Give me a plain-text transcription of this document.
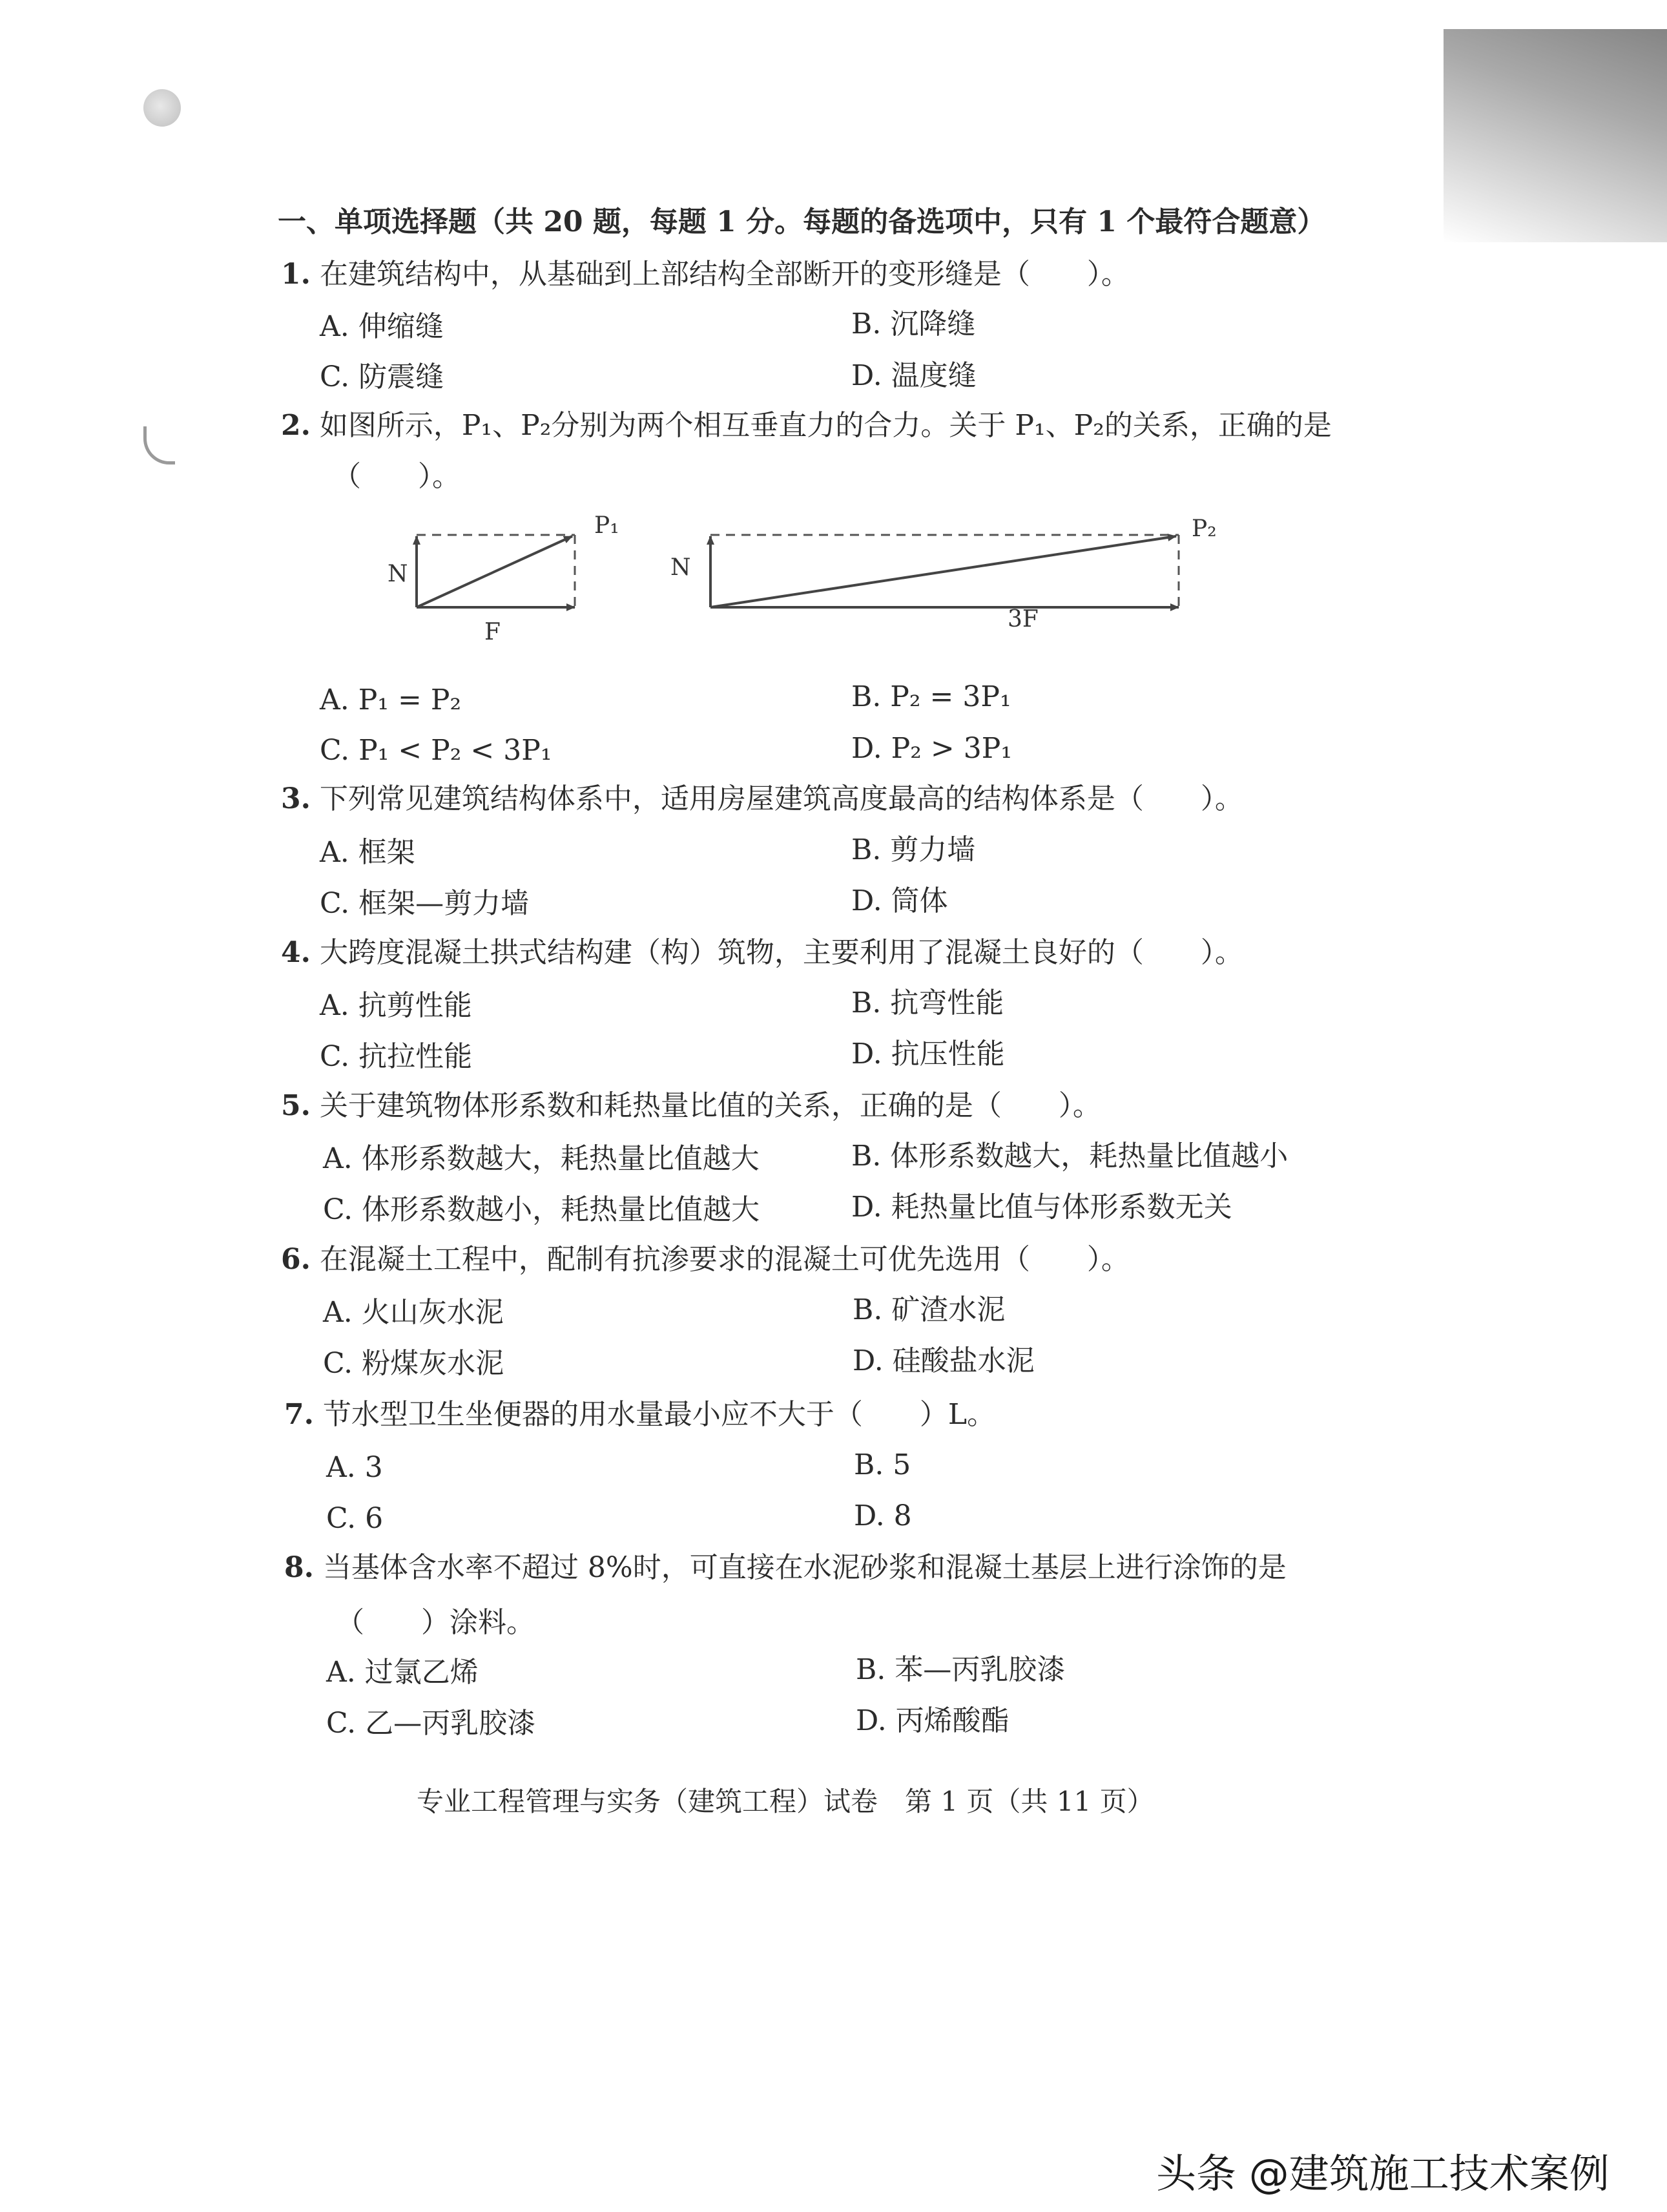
一、单项选择题（共 20 题，每题 1 分。每题的备选项中，只有 1 个最符合题意）
1. 在建筑结构中，从基础到上部结构全部断开的变形缝是（　　）。
A. 伸缩缝	B. 沉降缝
C. 防震缝	D. 温度缝
2. 如图所示，P₁、P₂分别为两个相互垂直力的合力。关于 P₁、P₂的关系，正确的是
（　　）。
N
F
P₁
N
3F
P₂
A. P₁ = P₂	B. P₂ = 3P₁
C. P₁ < P₂ < 3P₁	D. P₂ > 3P₁
3. 下列常见建筑结构体系中，适用房屋建筑高度最高的结构体系是（　　）。
A. 框架	B. 剪力墙
C. 框架—剪力墙	D. 筒体
4. 大跨度混凝土拱式结构建（构）筑物，主要利用了混凝土良好的（　　）。
A. 抗剪性能	B. 抗弯性能
C. 抗拉性能	D. 抗压性能
5. 关于建筑物体形系数和耗热量比值的关系，正确的是（　　）。
A. 体形系数越大，耗热量比值越大	B. 体形系数越大，耗热量比值越小
C. 体形系数越小，耗热量比值越大	D. 耗热量比值与体形系数无关
6. 在混凝土工程中，配制有抗渗要求的混凝土可优先选用（　　）。
A. 火山灰水泥	B. 矿渣水泥
C. 粉煤灰水泥	D. 硅酸盐水泥
7. 节水型卫生坐便器的用水量最小应不大于（　　）L。
A. 3	B. 5
C. 6	D. 8
8. 当基体含水率不超过 8%时，可直接在水泥砂浆和混凝土基层上进行涂饰的是
（　　）涂料。
A. 过氯乙烯	B. 苯—丙乳胶漆
C. 乙—丙乳胶漆	D. 丙烯酸酯
专业工程管理与实务（建筑工程）试卷　第 1 页（共 11 页）
头条 @建筑施工技术案例
